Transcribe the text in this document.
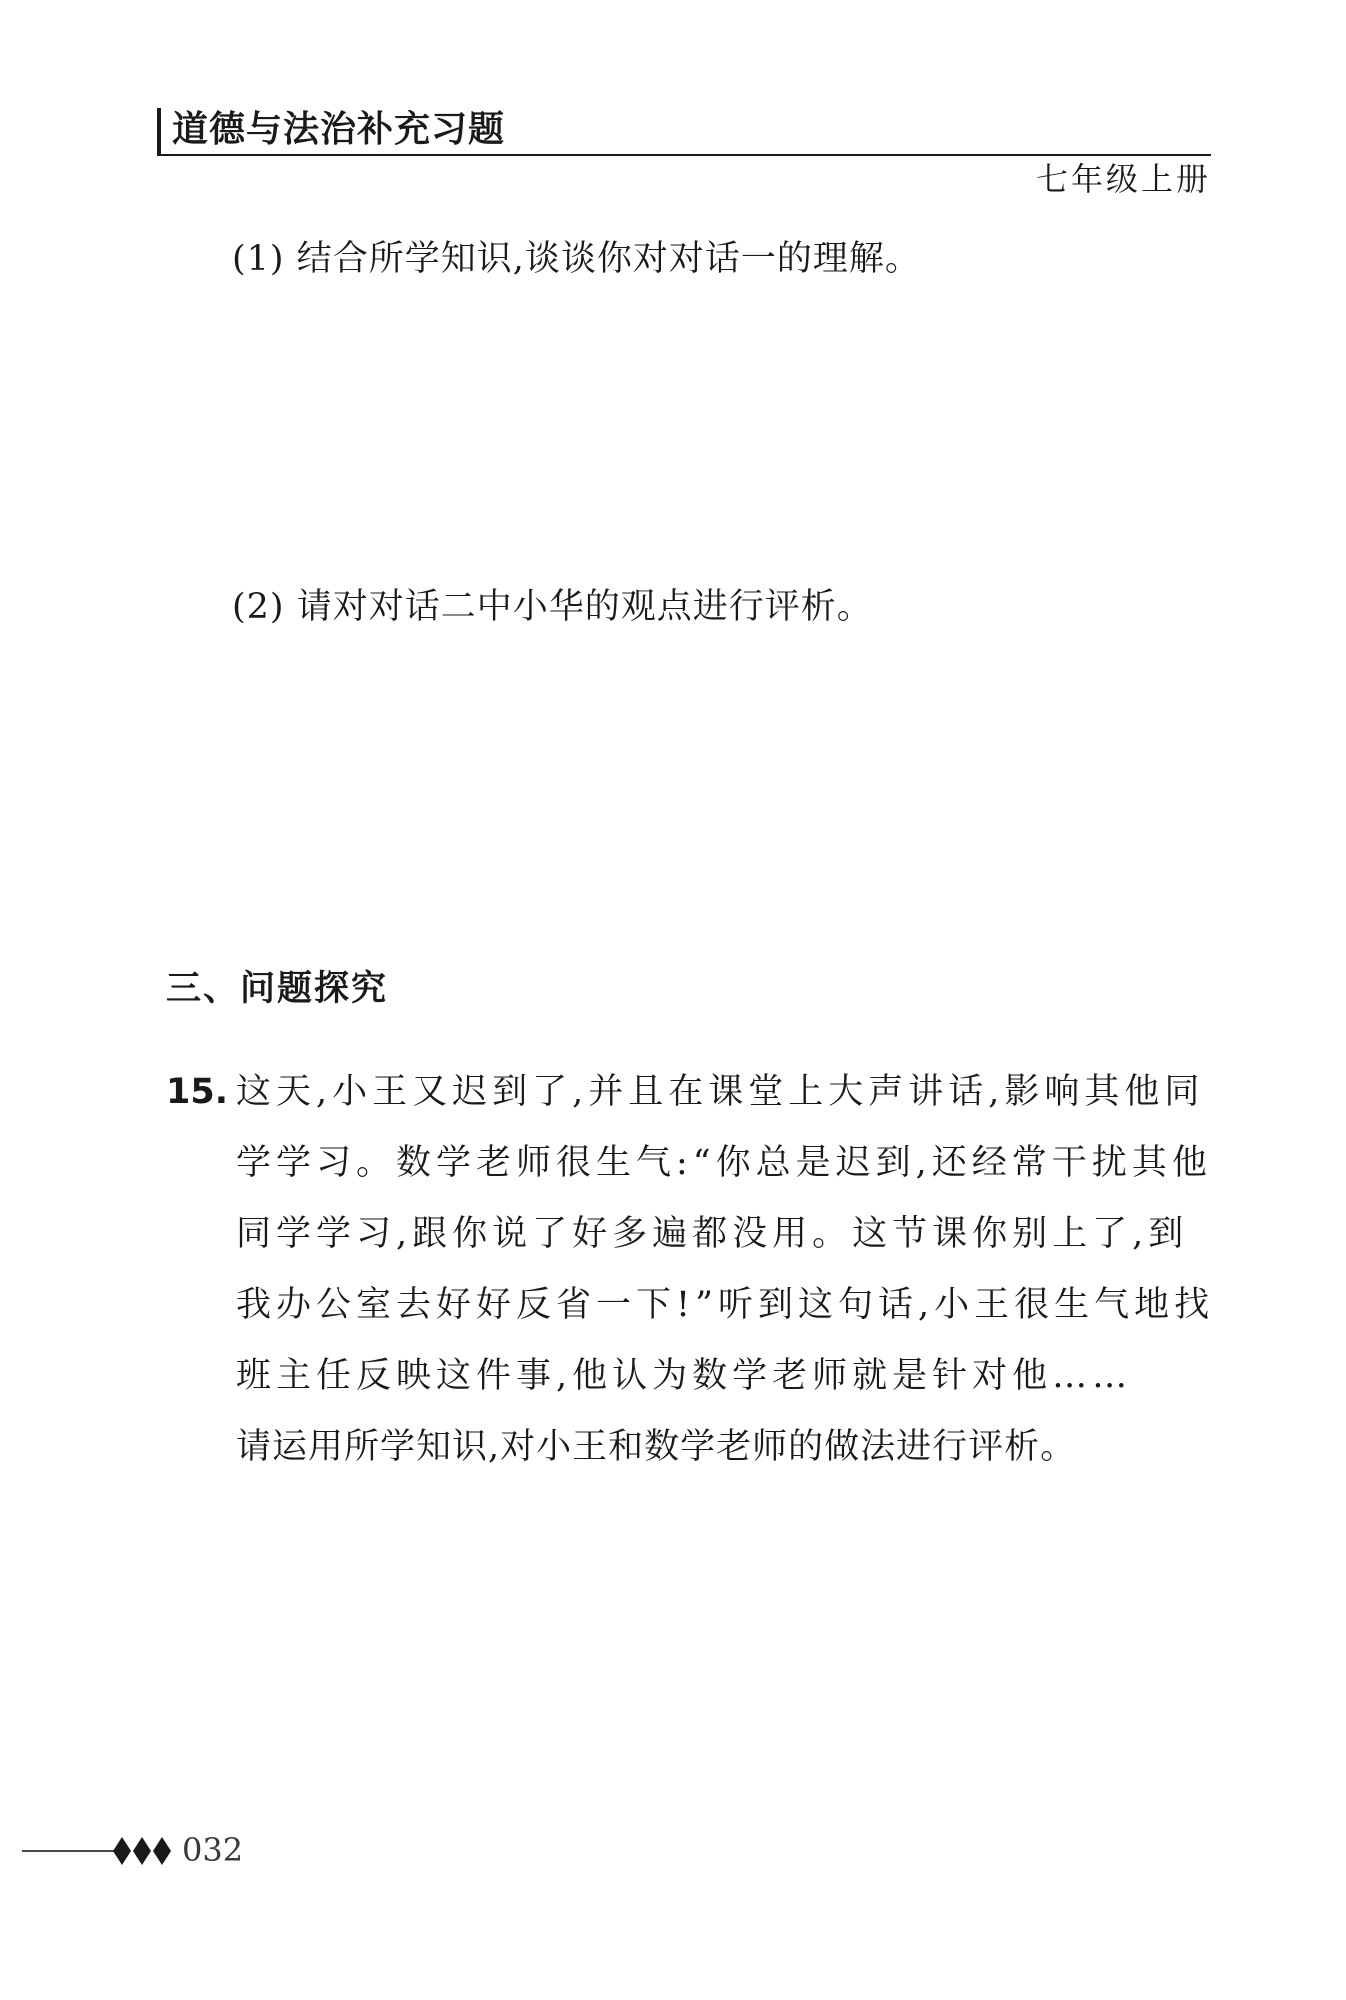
道德与法治补充习题
七年级上册
(1) 结合所学知识,谈谈你对对话一的理解。
(2) 请对对话二中小华的观点进行评析。
三、问题探究
15. 这天,小王又迟到了,并且在课堂上大声讲话,影响其他同
学学习。数学老师很生气:“你总是迟到,还经常干扰其他
同学学习,跟你说了好多遍都没用。这节课你别上了,到
我办公室去好好反省一下!”听到这句话,小王很生气地找
班主任反映这件事,他认为数学老师就是针对他……
请运用所学知识,对小王和数学老师的做法进行评析。
032
